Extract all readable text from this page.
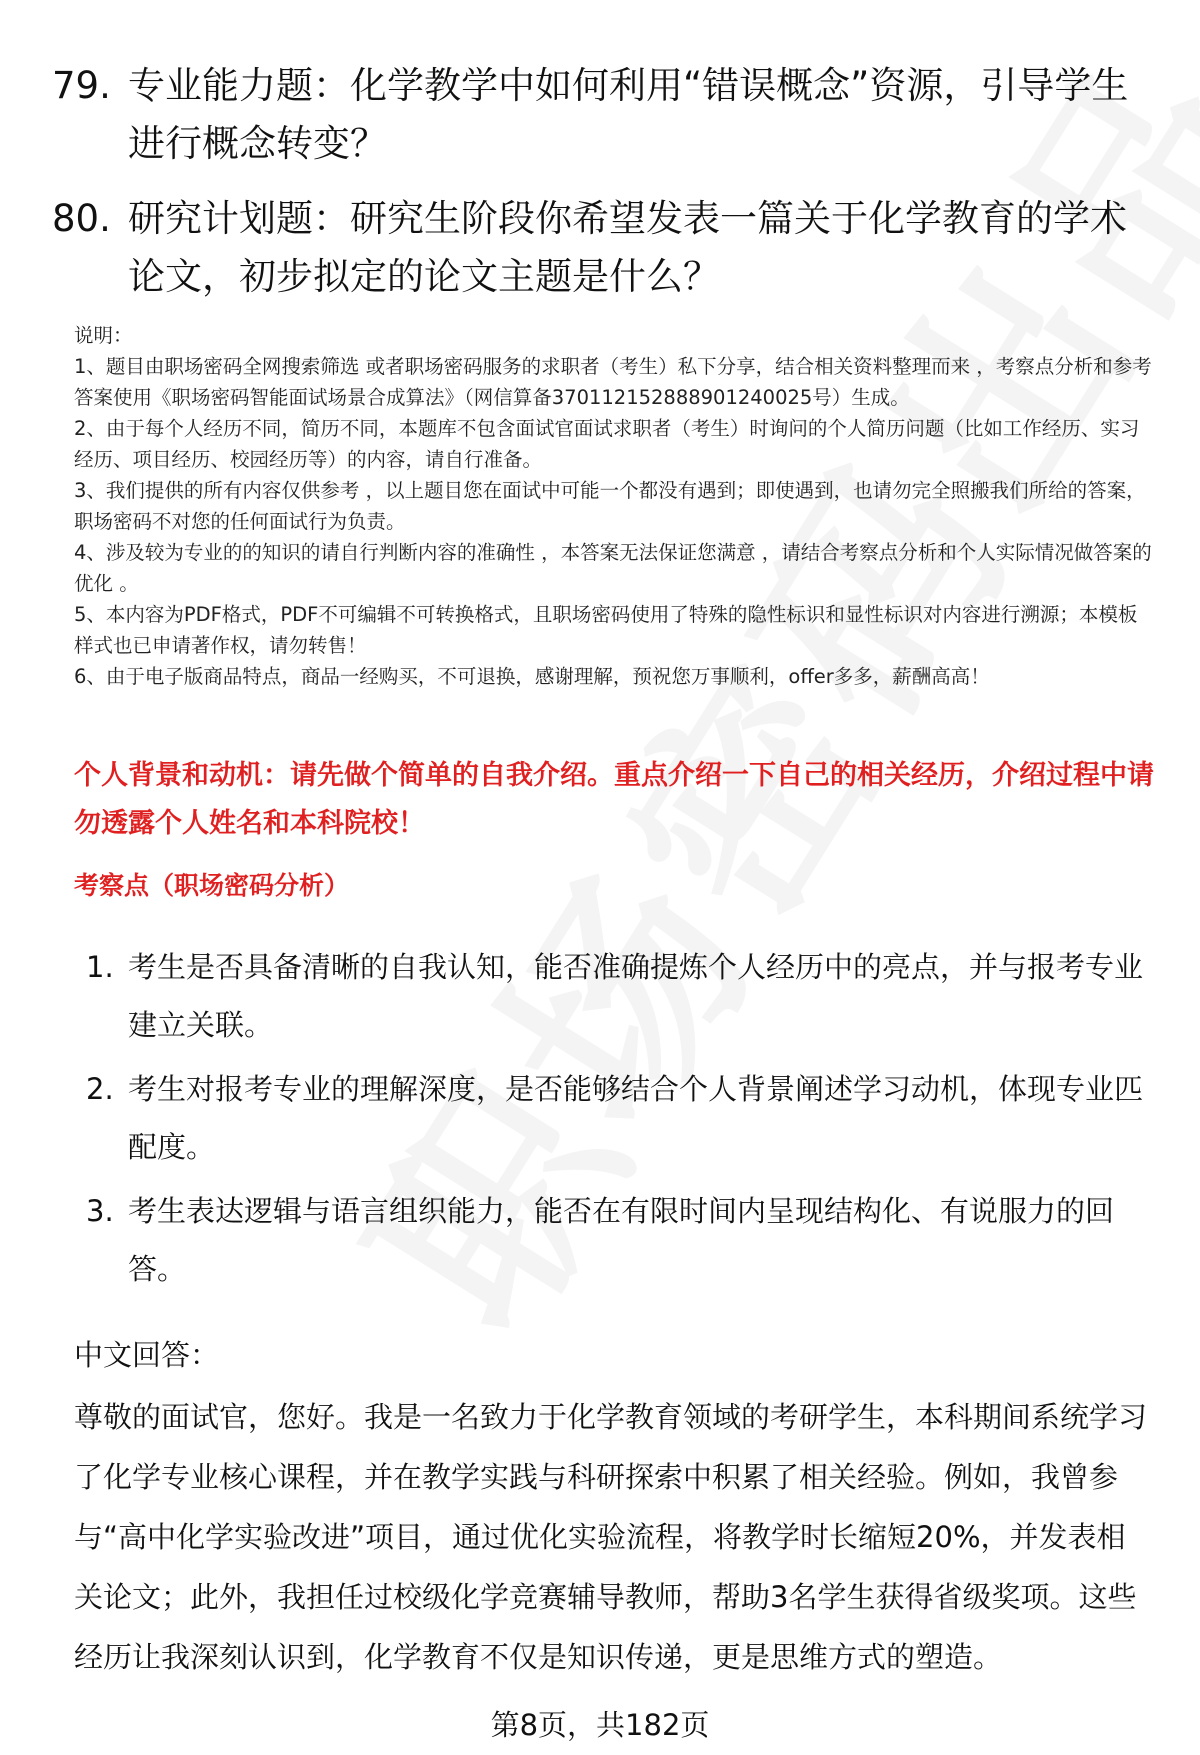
79. 专业能力题：化学教学中如何利用“错误概念”资源，引导学生进行概念转变？
80. 研究计划题：研究生阶段你希望发表一篇关于化学教育的学术论文，初步拟定的论文主题是什么？

说明：

1、题目由职场密码全网搜索筛选 或者职场密码服务的求职者（考生）私下分享，结合相关资料整理而来 ，考察点分析和参考答案使用《职场密码智能面试场景合成算法》（网信算备370112152888901240025号）生成。

2、由于每个人经历不同，简历不同，本题库不包含面试官面试求职者（考生）时询问的个人简历问题（比如工作经历、实习经历、项目经历、校园经历等）的内容，请自行准备。

3、我们提供的所有内容仅供参考 ，以上题目您在面试中可能一个都没有遇到；即使遇到，也请勿完全照搬我们所给的答案，职场密码不对您的任何面试行为负责。

4、涉及较为专业的的知识的请自行判断内容的准确性 ，本答案无法保证您满意 ，请结合考察点分析和个人实际情况做答案的优化 。

5、本内容为PDF格式，PDF不可编辑不可转换格式，且职场密码使用了特殊的隐性标识和显性标识对内容进行溯源；本模板样式也已申请著作权，请勿转售！

6、由于电子版商品特点，商品一经购买，不可退换，感谢理解，预祝您万事顺利，offer多多，薪酬高高！

个人背景和动机：请先做个简单的自我介绍。重点介绍一下自己的相关经历，介绍过程中请勿透露个人姓名和本科院校！
考察点（职场密码分析）
1. 考生是否具备清晰的自我认知，能否准确提炼个人经历中的亮点，并与报考专业建立关联。
2. 考生对报考专业的理解深度，是否能够结合个人背景阐述学习动机，体现专业匹配度。
3. 考生表达逻辑与语言组织能力，能否在有限时间内呈现结构化、有说服力的回答。
中文回答：
尊敬的面试官，您好。我是一名致力于化学教育领域的考研学生，本科期间系统学习了化学专业核心课程，并在教学实践与科研探索中积累了相关经验。例如，我曾参与“高中化学实验改进”项目，通过优化实验流程，将教学时长缩短20%，并发表相关论文；此外，我担任过校级化学竞赛辅导教师，帮助3名学生获得省级奖项。这些经历让我深刻认识到，化学教育不仅是知识传递，更是思维方式的塑造。
第8页，共182页
